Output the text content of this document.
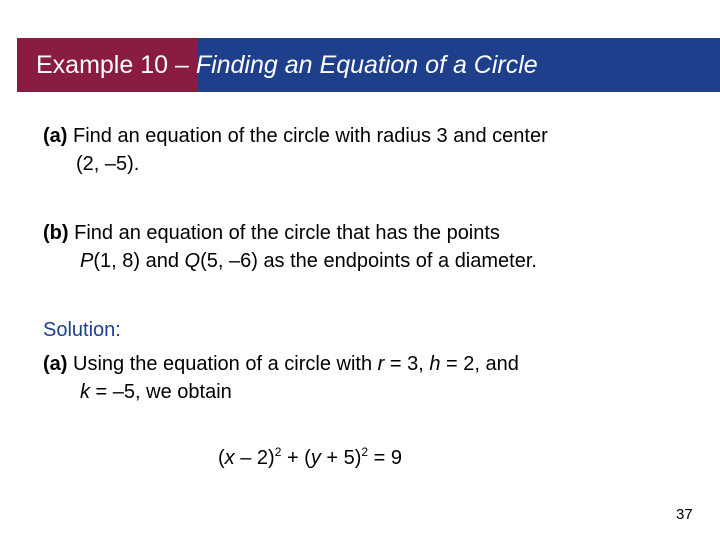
Example 10 – Finding an Equation of a Circle
(a) Find an equation of the circle with radius 3 and center
(2, –5).
(b) Find an equation of the circle that has the points
P(1, 8) and Q(5, –6) as the endpoints of a diameter.
Solution:
(a) Using the equation of a circle with r = 3, h = 2, and
k = –5, we obtain
$(x - 2)^2 + (y + 5)^2 = 9$
37
